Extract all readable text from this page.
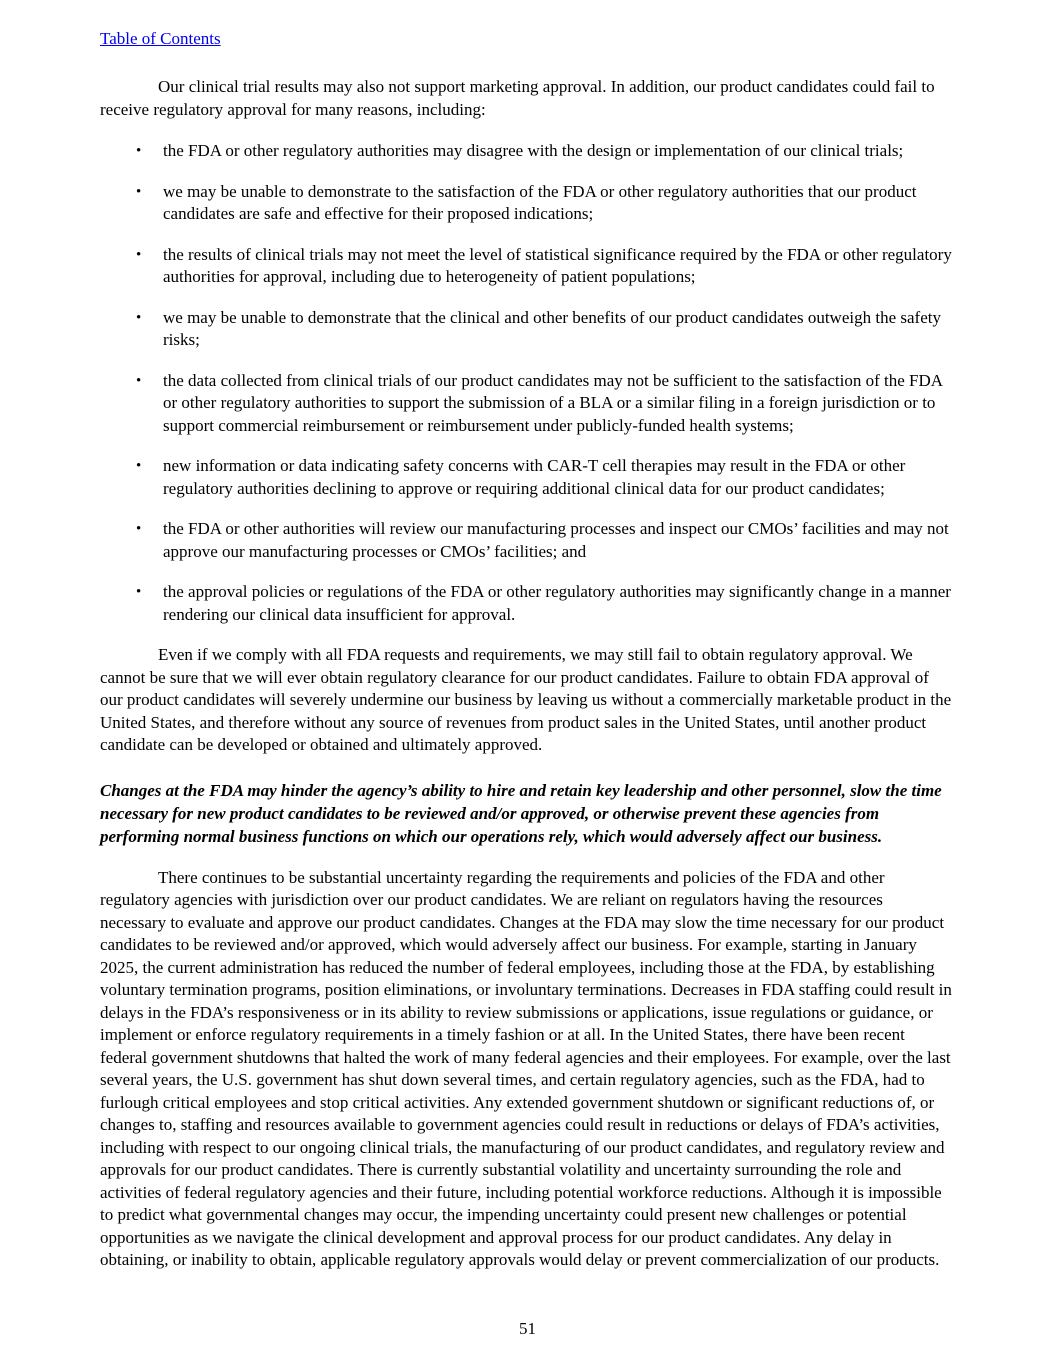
Table of Contents

Our clinical trial results may also not support marketing approval. In addition, our product candidates could fail to receive regulatory approval for many reasons, including:

• the FDA or other regulatory authorities may disagree with the design or implementation of our clinical trials;
• we may be unable to demonstrate to the satisfaction of the FDA or other regulatory authorities that our product candidates are safe and effective for their proposed indications;
• the results of clinical trials may not meet the level of statistical significance required by the FDA or other regulatory authorities for approval, including due to heterogeneity of patient populations;
• we may be unable to demonstrate that the clinical and other benefits of our product candidates outweigh the safety risks;
• the data collected from clinical trials of our product candidates may not be sufficient to the satisfaction of the FDA or other regulatory authorities to support the submission of a BLA or a similar filing in a foreign jurisdiction or to support commercial reimbursement or reimbursement under publicly-funded health systems;
• new information or data indicating safety concerns with CAR-T cell therapies may result in the FDA or other regulatory authorities declining to approve or requiring additional clinical data for our product candidates;
• the FDA or other authorities will review our manufacturing processes and inspect our CMOs’ facilities and may not approve our manufacturing processes or CMOs’ facilities; and
• the approval policies or regulations of the FDA or other regulatory authorities may significantly change in a manner rendering our clinical data insufficient for approval.

Even if we comply with all FDA requests and requirements, we may still fail to obtain regulatory approval. We cannot be sure that we will ever obtain regulatory clearance for our product candidates. Failure to obtain FDA approval of our product candidates will severely undermine our business by leaving us without a commercially marketable product in the United States, and therefore without any source of revenues from product sales in the United States, until another product candidate can be developed or obtained and ultimately approved.

Changes at the FDA may hinder the agency’s ability to hire and retain key leadership and other personnel, slow the time necessary for new product candidates to be reviewed and/or approved, or otherwise prevent these agencies from performing normal business functions on which our operations rely, which would adversely affect our business.

There continues to be substantial uncertainty regarding the requirements and policies of the FDA and other regulatory agencies with jurisdiction over our product candidates. We are reliant on regulators having the resources necessary to evaluate and approve our product candidates. Changes at the FDA may slow the time necessary for our product candidates to be reviewed and/or approved, which would adversely affect our business. For example, starting in January 2025, the current administration has reduced the number of federal employees, including those at the FDA, by establishing voluntary termination programs, position eliminations, or involuntary terminations. Decreases in FDA staffing could result in delays in the FDA’s responsiveness or in its ability to review submissions or applications, issue regulations or guidance, or implement or enforce regulatory requirements in a timely fashion or at all. In the United States, there have been recent federal government shutdowns that halted the work of many federal agencies and their employees. For example, over the last several years, the U.S. government has shut down several times, and certain regulatory agencies, such as the FDA, had to furlough critical employees and stop critical activities. Any extended government shutdown or significant reductions of, or changes to, staffing and resources available to government agencies could result in reductions or delays of FDA’s activities, including with respect to our ongoing clinical trials, the manufacturing of our product candidates, and regulatory review and approvals for our product candidates. There is currently substantial volatility and uncertainty surrounding the role and activities of federal regulatory agencies and their future, including potential workforce reductions. Although it is impossible to predict what governmental changes may occur, the impending uncertainty could present new challenges or potential opportunities as we navigate the clinical development and approval process for our product candidates. Any delay in obtaining, or inability to obtain, applicable regulatory approvals would delay or prevent commercialization of our products.

51
